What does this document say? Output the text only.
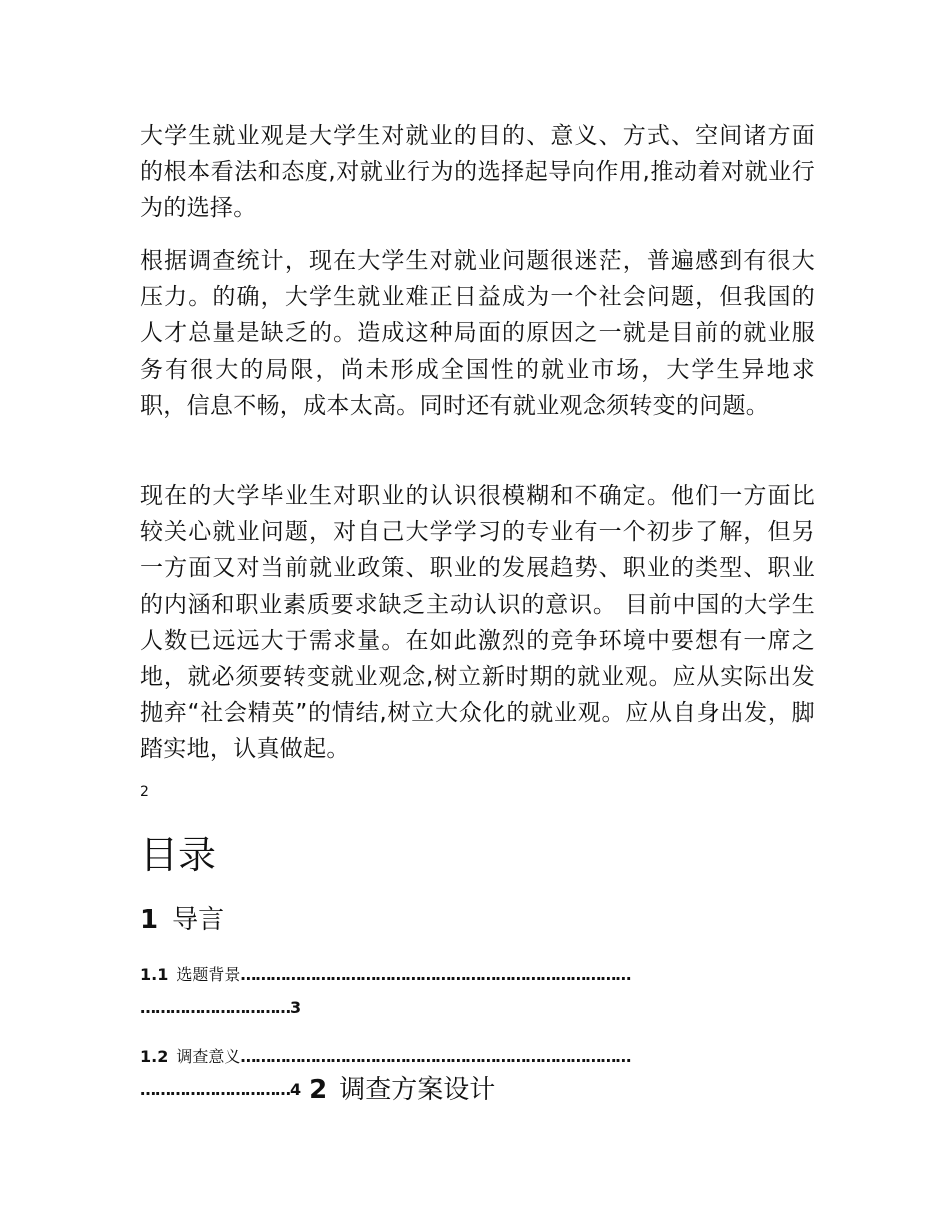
大学生就业观是大学生对就业的目的、意义、方式、空间诸方面的根本看法和态度,对就业行为的选择起导向作用,推动着对就业行为的选择。

根据调查统计，现在大学生对就业问题很迷茫，普遍感到有很大压力。的确，大学生就业难正日益成为一个社会问题，但我国的人才总量是缺乏的。造成这种局面的原因之一就是目前的就业服务有很大的局限，尚未形成全国性的就业市场，大学生异地求职，信息不畅，成本太高。同时还有就业观念须转变的问题。

现在的大学毕业生对职业的认识很模糊和不确定。他们一方面比较关心就业问题，对自己大学学习的专业有一个初步了解，但另一方面又对当前就业政策、职业的发展趋势、职业的类型、职业的内涵和职业素质要求缺乏主动认识的意识。 目前中国的大学生人数已远远大于需求量。在如此激烈的竞争环境中要想有一席之地，就必须要转变就业观念,树立新时期的就业观。应从实际出发抛弃“社会精英”的情结,树立大众化的就业观。应从自身出发，脚踏实地，认真做起。

2
目录
1 导言
1.1 选题背景……………………………………………………………………
…………………………3
1.2 调查意义……………………………………………………………………
…………………………4 2 调查方案设计
